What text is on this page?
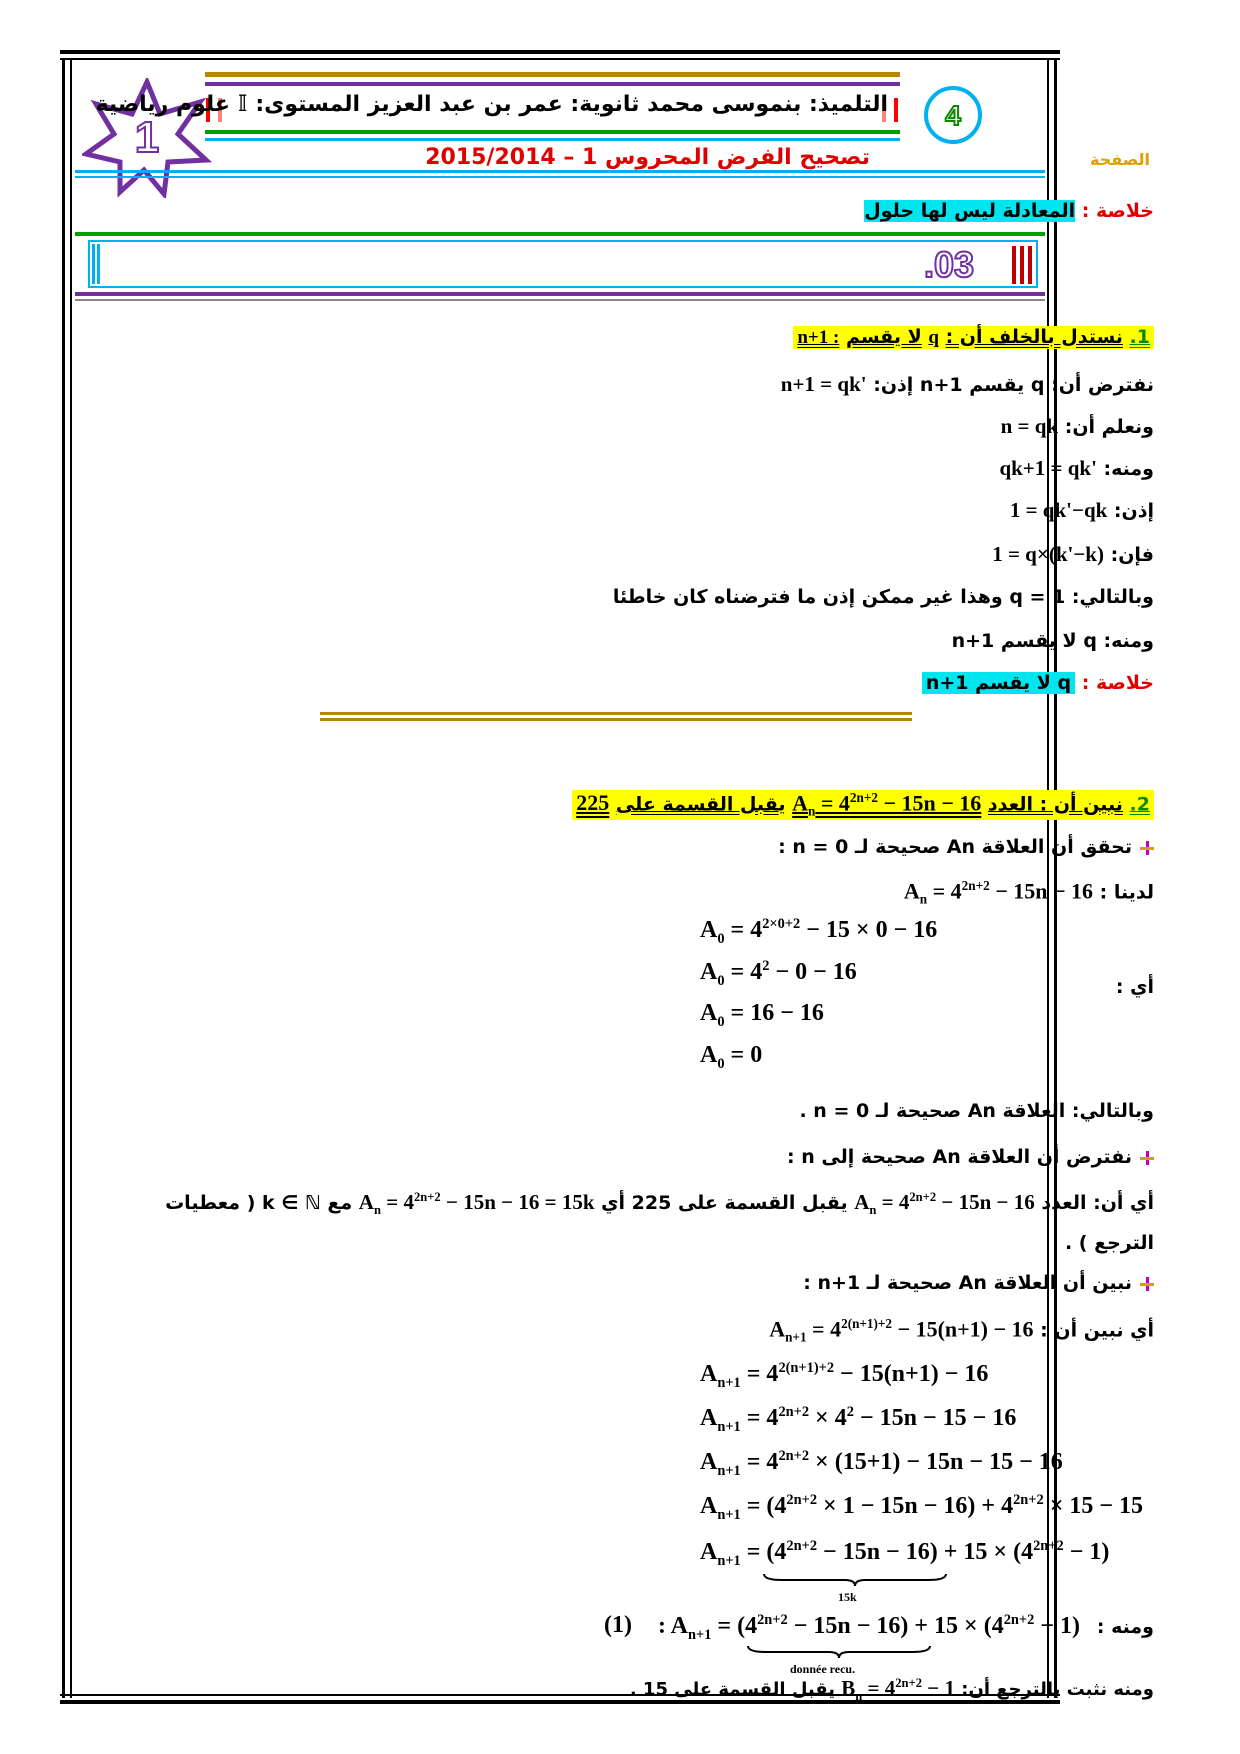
1
التلميذ: بنموسى محمد ثانوية: عمر بن عبد العزيز المستوى: 𝕀 علوم رياضية 4
الصفحة
تصحيح الفرض المحروس 1 – 2015/2014
خلاصة : المعادلة ليس لها حلول
.03
1. نستدل بالخلف أن : q لا يقسم n+1 :
نفترض أن: q يقسم n+1 إذن: n+1 = qk'
ونعلم أن: n = qk
ومنه: qk+1 = qk'
إذن: 1 = qk'−qk
فإن: 1 = q×(k'−k)
وبالتالي: q = 1 وهذا غير ممكن إذن ما فترضناه كان خاطئا
ومنه: q لا يقسم n+1
خلاصة : q لا يقسم n+1
2. نبين أن : العدد $A_n = 4^{2n+2} - 15n - 16$ يقبل القسمة على 225
تحقق أن العلاقة An صحيحة لـ n = 0 :
لدينا : $A_n = 4^{2n+2} - 15n - 16$
$A_0 = 4^{2\times 0+2} - 15 \times 0 - 16$
$A_0 = 4^2 - 0 - 16$
$A_0 = 16 - 16$
$A_0 = 0$
أي :
وبالتالي: العلاقة An صحيحة لـ n = 0 .
نفترض أن العلاقة An صحيحة إلى n :
أي أن: العدد $A_n = 4^{2n+2} - 15n - 16$ يقبل القسمة على 225 أي $A_n = 4^{2n+2} - 15n - 16 = 15k$ مع k ∈ ℕ ( معطيات
الترجع ) .
نبين أن العلاقة An صحيحة لـ n+1 :
أي نبين أن : $A_{n+1} = 4^{2(n+1)+2} - 15(n+1) - 16$
$A_{n+1} = 4^{2(n+1)+2} - 15(n+1) - 16$
$A_{n+1} = 4^{2n+2} \times 4^2 - 15n - 15 - 16$
$A_{n+1} = 4^{2n+2} \times (15+1) - 15n - 15 - 16$
$A_{n+1} = (4^{2n+2} \times 1 - 15n - 16) + 4^{2n+2} \times 15 - 15$
$A_{n+1} = (4^{2n+2} - 15n - 16) + 15 \times (4^{2n+2} - 1)$
15k
ومنه :
: $A_{n+1} = (4^{2n+2} - 15n - 16) + 15 \times (4^{2n+2} - 1)$
(1)
donnée recu.
ومنه نثبت بالترجع أن: $B_n = 4^{2n+2} - 1$ يقبل القسمة على 15 .
